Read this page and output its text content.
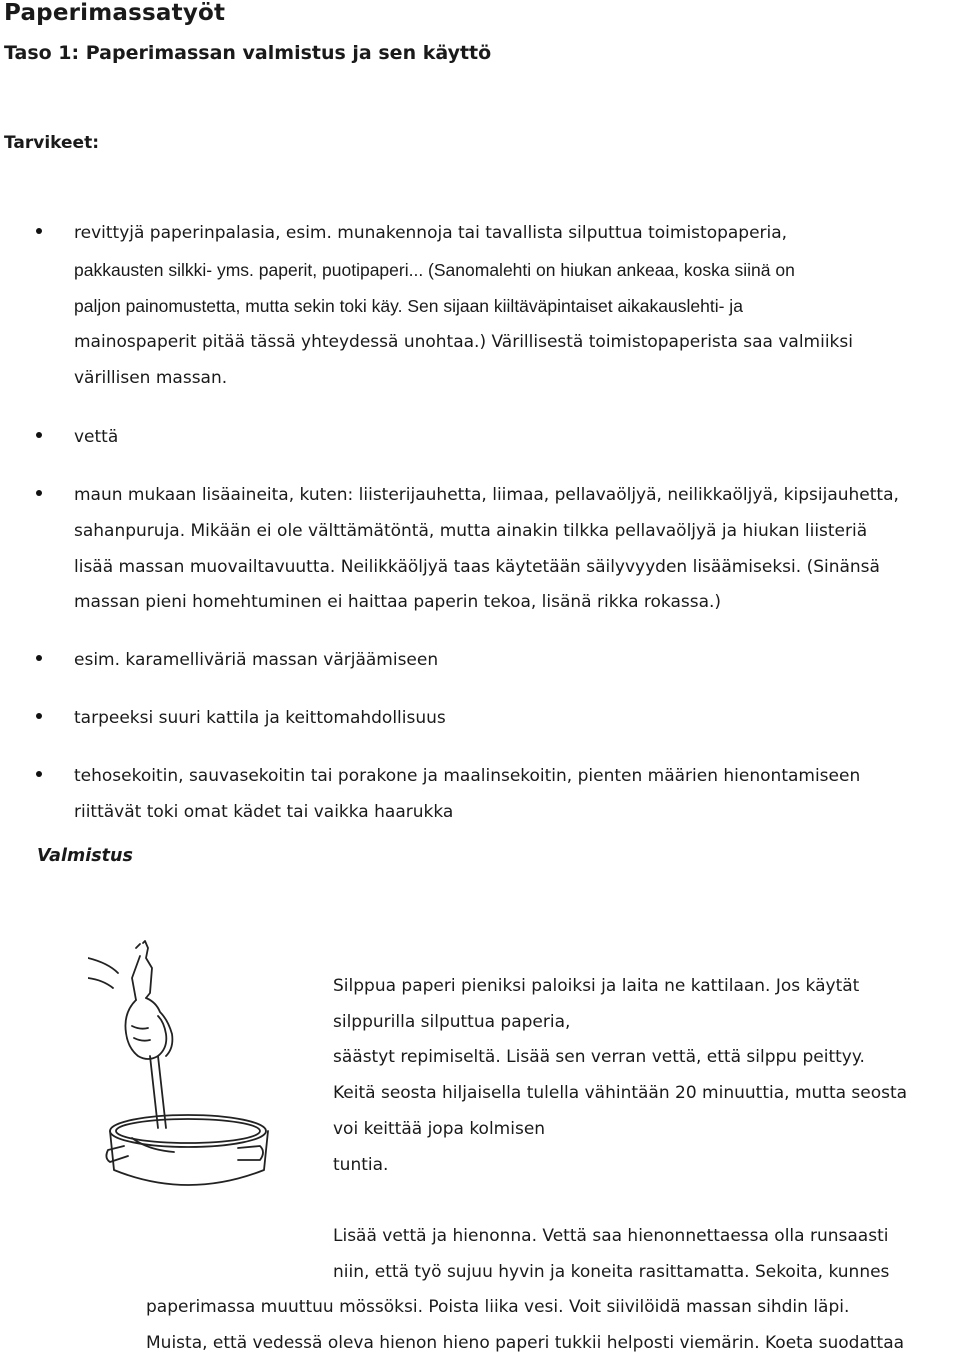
Paperimassatyöt
Taso 1: Paperimassan valmistus ja sen käyttö
Tarvikeet:
revittyjä paperinpalasia, esim. munakennoja tai tavallista silputtua toimistopaperia,
pakkausten silkki- yms. paperit, puotipaperi... (Sanomalehti on hiukan ankeaa, koska siinä on
paljon painomustetta, mutta sekin toki käy. Sen sijaan kiiltäväpintaiset aikakauslehti- ja
mainospaperit pitää tässä yhteydessä unohtaa.) Värillisestä toimistopaperista saa valmiiksi
värillisen massan.
vettä
maun mukaan lisäaineita, kuten: liisterijauhetta, liimaa, pellavaöljyä, neilikkaöljyä, kipsijauhetta,
sahanpuruja. Mikään ei ole välttämätöntä, mutta ainakin tilkka pellavaöljyä ja hiukan liisteriä
lisää massan muovailtavuutta. Neilikkäöljyä taas käytetään säilyvyyden lisäämiseksi. (Sinänsä
massan pieni homehtuminen ei haittaa paperin tekoa, lisänä rikka rokassa.)
esim. karamelliväriä massan värjäämiseen
tarpeeksi suuri kattila ja keittomahdollisuus
tehosekoitin, sauvasekoitin tai porakone ja maalinsekoitin, pienten määrien hienontamiseen
riittävät toki omat kädet tai vaikka haarukka
Valmistus
Silppua paperi pieniksi paloiksi ja laita ne kattilaan. Jos käytät
silppurilla silputtua paperia,
säästyt repimiseltä. Lisää sen verran vettä, että silppu peittyy.
Keitä seosta hiljaisella tulella vähintään 20 minuuttia, mutta seosta
voi keittää jopa kolmisen
tuntia.
Lisää vettä ja hienonna. Vettä saa hienonnettaessa olla runsaasti
niin, että työ sujuu hyvin ja koneita rasittamatta. Sekoita, kunnes
paperimassa muuttuu mössöksi. Poista liika vesi. Voit siivilöidä massan sihdin läpi.
Muista, että vedessä oleva hienon hieno paperi tukkii helposti viemärin. Koeta suodattaa
